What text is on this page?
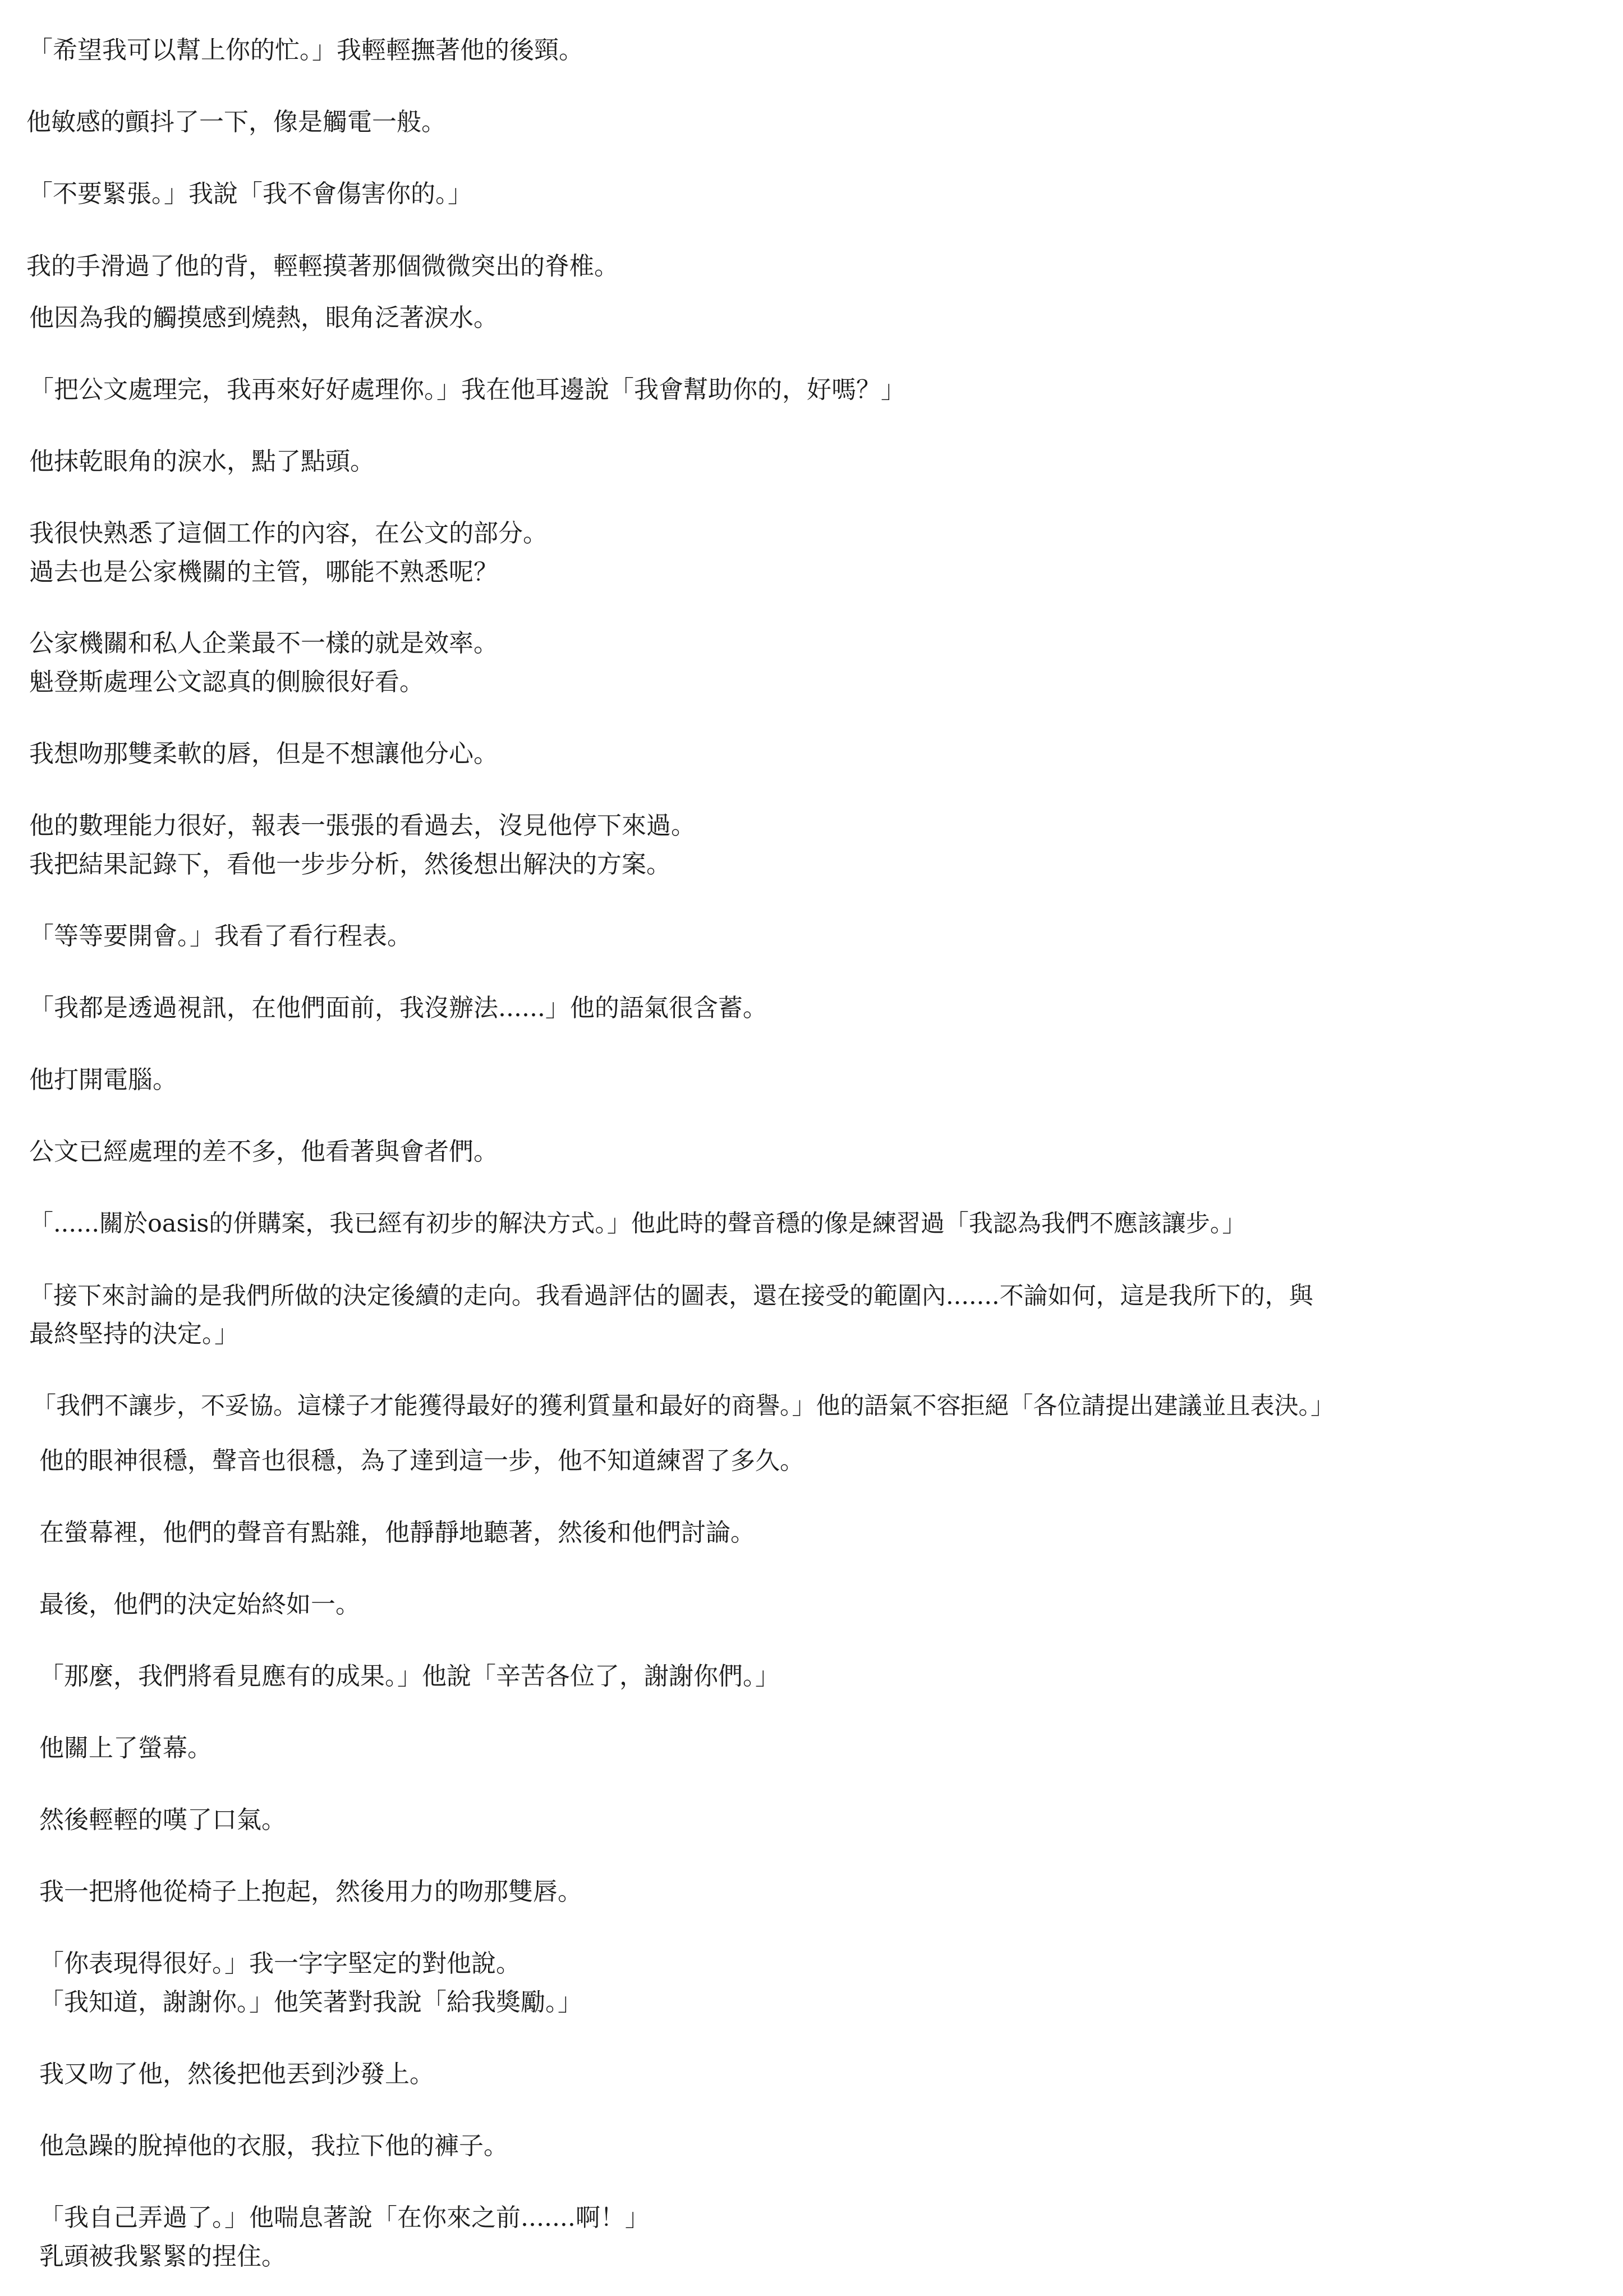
「希望我可以幫上你的忙。」我輕輕撫著他的後頸。

他敏感的顫抖了一下，像是觸電一般。

「不要緊張。」我說「我不會傷害你的。」

我的手滑過了他的背，輕輕摸著那個微微突出的脊椎。

他因為我的觸摸感到燒熱，眼角泛著淚水。

「把公文處理完，我再來好好處理你。」我在他耳邊說「我會幫助你的，好嗎？」

他抹乾眼角的淚水，點了點頭。

我很快熟悉了這個工作的內容，在公文的部分。

過去也是公家機關的主管，哪能不熟悉呢？

公家機關和私人企業最不一樣的就是效率。

魁登斯處理公文認真的側臉很好看。

我想吻那雙柔軟的唇，但是不想讓他分心。

他的數理能力很好，報表一張張的看過去，沒見他停下來過。

我把結果記錄下，看他一步步分析，然後想出解決的方案。

「等等要開會。」我看了看行程表。

「我都是透過視訊，在他們面前，我沒辦法......」他的語氣很含蓄。

他打開電腦。

公文已經處理的差不多，他看著與會者們。

「......關於oasis的併購案，我已經有初步的解決方式。」他此時的聲音穩的像是練習過「我認為我們不應該讓步。」

「接下來討論的是我們所做的決定後續的走向。我看過評估的圖表，還在接受的範圍內.......不論如何，這是我所下的，與

最終堅持的決定。」

「我們不讓步，不妥協。這樣子才能獲得最好的獲利質量和最好的商譽。」他的語氣不容拒絕「各位請提出建議並且表決。」

他的眼神很穩，聲音也很穩，為了達到這一步，他不知道練習了多久。

在螢幕裡，他們的聲音有點雜，他靜靜地聽著，然後和他們討論。

最後，他們的決定始終如一。

「那麼，我們將看見應有的成果。」他說「辛苦各位了，謝謝你們。」

他關上了螢幕。

然後輕輕的嘆了口氣。

我一把將他從椅子上抱起，然後用力的吻那雙唇。

「你表現得很好。」我一字字堅定的對他說。

「我知道，謝謝你。」他笑著對我說「給我獎勵。」

我又吻了他，然後把他丟到沙發上。

他急躁的脫掉他的衣服，我拉下他的褲子。

「我自己弄過了。」他喘息著說「在你來之前.......啊！」

乳頭被我緊緊的捏住。
